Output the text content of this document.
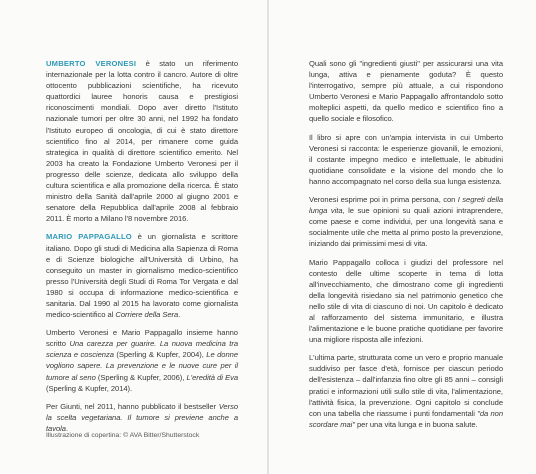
UMBERTO VERONESI è stato un riferimento internazionale per la lotta contro il cancro. Autore di oltre ottocento pubblicazioni scientifiche, ha ricevuto quattordici lauree honoris causa e prestigiosi riconoscimenti mondiali. Dopo aver diretto l'Istituto nazionale tumori per oltre 30 anni, nel 1992 ha fondato l'Istituto europeo di oncologia, di cui è stato direttore scientifico fino al 2014, per rimanere come guida strategica in qualità di direttore scientifico emerito. Nel 2003 ha creato la Fondazione Umberto Veronesi per il progresso delle scienze, dedicata allo sviluppo della cultura scientifica e alla promozione della ricerca. È stato ministro della Sanità dall'aprile 2000 al giugno 2001 e senatore della Repubblica dall'aprile 2008 al febbraio 2011. È morto a Milano l'8 novembre 2016.

MARIO PAPPAGALLO è un giornalista e scrittore italiano. Dopo gli studi di Medicina alla Sapienza di Roma e di Scienze biologiche all'Università di Urbino, ha conseguito un master in giornalismo medico-scientifico presso l'Università degli Studi di Roma Tor Vergata e dal 1980 si occupa di informazione medico-scientifica e sanitaria. Dal 1990 al 2015 ha lavorato come giornalista medico-scientifico al Corriere della Sera.

Umberto Veronesi e Mario Pappagallo insieme hanno scritto Una carezza per guarire. La nuova medicina tra scienza e coscienza (Sperling & Kupfer, 2004), Le donne vogliono sapere. La prevenzione e le nuove cure per il tumore al seno (Sperling & Kupfer, 2006), L'eredità di Eva (Sperling & Kupfer, 2014).

Per Giunti, nel 2011, hanno pubblicato il bestseller Verso la scelta vegetariana. Il tumore si previene anche a tavola.

Illustrazione di copertina: © AVA Bitter/Shutterstock

Quali sono gli "ingredienti giusti" per assicurarsi una vita lunga, attiva e pienamente goduta? È questo l'interrogativo, sempre più attuale, a cui rispondono Umberto Veronesi e Mario Pappagallo affrontandolo sotto molteplici aspetti, da quello medico e scientifico fino a quello sociale e filosofico.

Il libro si apre con un'ampia intervista in cui Umberto Veronesi si racconta: le esperienze giovanili, le emozioni, il costante impegno medico e intellettuale, le abitudini quotidiane consolidate e la visione del mondo che lo hanno accompagnato nel corso della sua lunga esistenza.

Veronesi esprime poi in prima persona, con I segreti della lunga vita, le sue opinioni su quali azioni intraprendere, come paese e come individui, per una longevità sana e socialmente utile che metta al primo posto la prevenzione, iniziando dai primissimi mesi di vita.

Mario Pappagallo colloca i giudizi del professore nel contesto delle ultime scoperte in tema di lotta all'invecchiamento, che dimostrano come gli ingredienti della longevità risiedano sia nel patrimonio genetico che nello stile di vita di ciascuno di noi. Un capitolo è dedicato al rafforzamento del sistema immunitario, e illustra l'alimentazione e le buone pratiche quotidiane per favorire una migliore risposta alle infezioni.

L'ultima parte, strutturata come un vero e proprio manuale suddiviso per fasce d'età, fornisce per ciascun periodo dell'esistenza – dall'infanzia fino oltre gli 85 anni – consigli pratici e informazioni utili sullo stile di vita, l'alimentazione, l'attività fisica, la prevenzione. Ogni capitolo si conclude con una tabella che riassume i punti fondamentali "da non scordare mai" per una vita lunga e in buona salute.
